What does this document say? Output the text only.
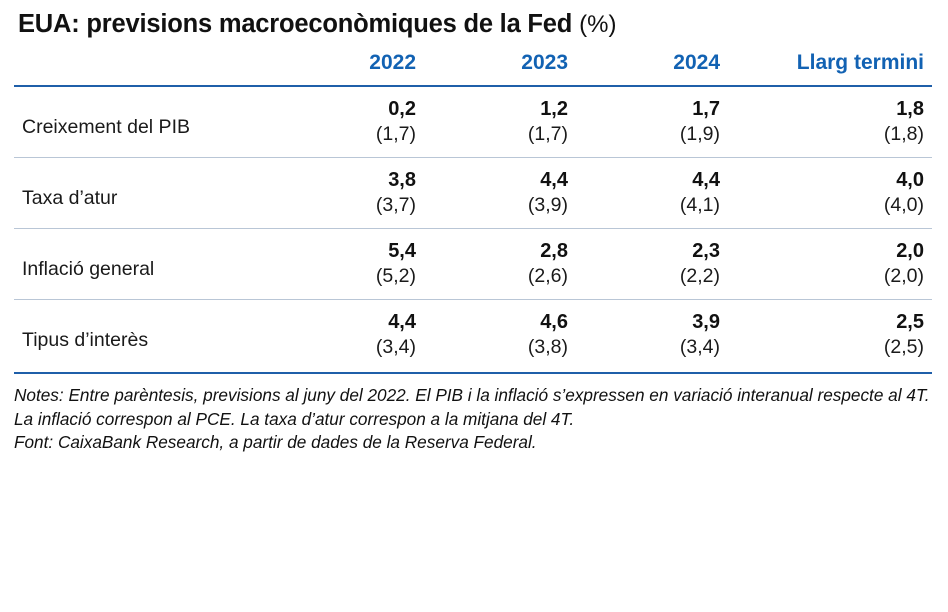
EUA: previsions macroeconòmiques de la Fed (%)
	2022	2023	2024	Llarg termini
Creixement del PIB	0,2	1,2	1,7	1,8
	(1,7)	(1,7)	(1,9)	(1,8)

Taxa d’atur	3,8	4,4	4,4	4,0
	(3,7)	(3,9)	(4,1)	(4,0)

Inflació general	5,4	2,8	2,3	2,0
	(5,2)	(2,6)	(2,2)	(2,0)

Tipus d’interès	4,4	4,6	3,9	2,5
	(3,4)	(3,8)	(3,4)	(2,5)

Notes: Entre parèntesis, previsions al juny del 2022. El PIB i la inflació s’expressen en variació interanual respecte al 4T. La inflació correspon al PCE. La taxa d’atur correspon a la mitjana del 4T.

Font: CaixaBank Research, a partir de dades de la Reserva Federal.
